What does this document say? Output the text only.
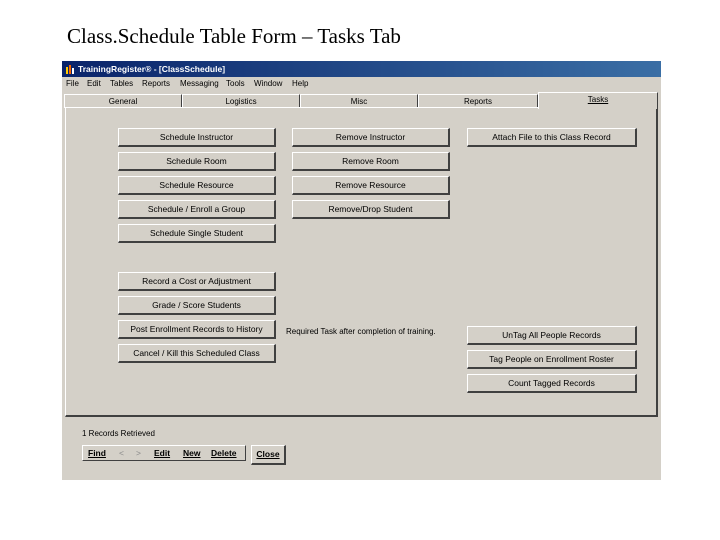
Class.Schedule Table Form – Tasks Tab
TrainingRegister® - [ClassSchedule]
File Edit Tables Reports Messaging Tools Window Help
General	Logistics	Misc	Reports	Tasks
Schedule Instructor
Schedule Room
Schedule Resource
Schedule / Enroll a Group
Schedule Single Student
Remove Instructor
Remove Room
Remove Resource
Remove/Drop Student
Attach File to this Class Record
Record a Cost or Adjustment
Grade / Score Students
Post Enrollment Records to History
Cancel / Kill this Scheduled Class
Required Task after completion of training.	UnTag All People Records
Tag People on Enrollment Roster
Count Tagged Records
1 Records Retrieved
Find < > Edit New Delete	Close
